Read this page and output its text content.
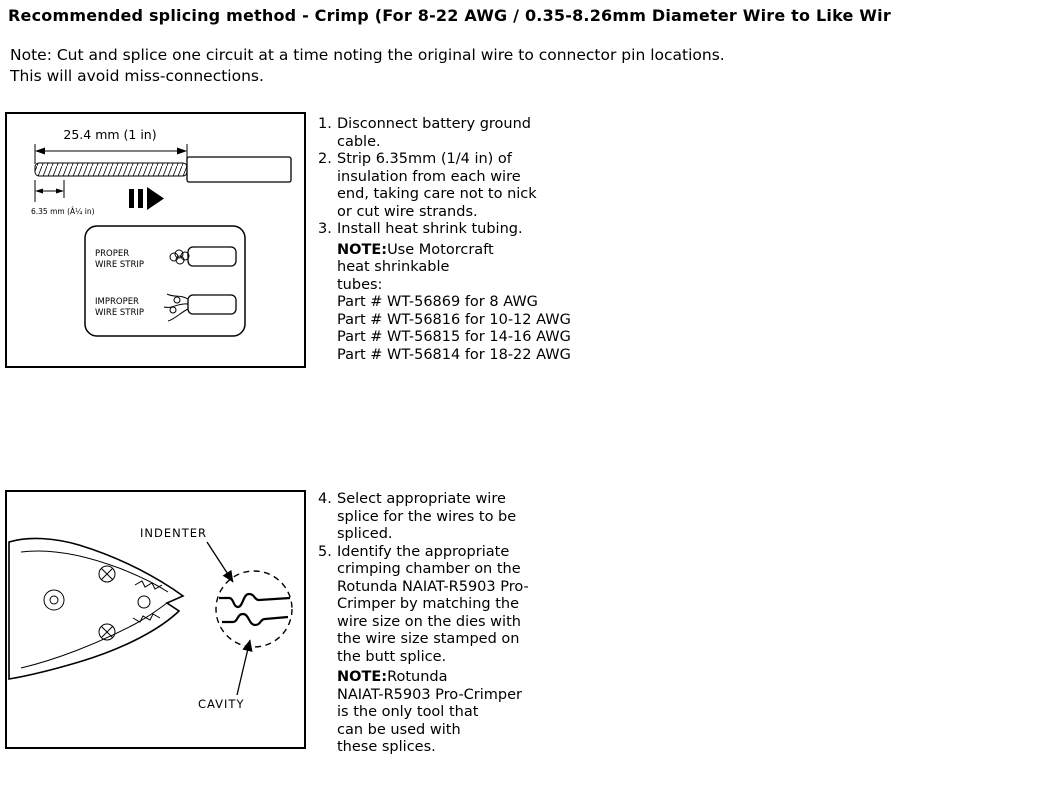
Recommended splicing method - Crimp (For 8-22 AWG / 0.35-8.26mm Diameter Wire to Like Wir
Note: Cut and splice one circuit at a time noting the original wire to connector pin locations.
This will avoid miss-connections.
25.4 mm (1 in)
6.35 mm (Â¼ in)
PROPER
WIRE STRIP
IMPROPER
WIRE STRIP
1. Disconnect battery ground cable.
2. Strip 6.35mm (1/4 in) of insulation from each wire end, taking care not to nick or cut wire strands.
3. Install heat shrink tubing.
NOTE:Use Motorcraft
heat shrinkable
tubes:
Part # WT-56869 for 8 AWG
Part # WT-56816 for 10-12 AWG
Part # WT-56815 for 14-16 AWG
Part # WT-56814 for 18-22 AWG
INDENTER
CAVITY
4. Select appropriate wire splice for the wires to be spliced.
5. Identify the appropriate crimping chamber on the Rotunda NAIAT-R5903 Pro-Crimper by matching the wire size on the dies with the wire size stamped on the butt splice.
NOTE:Rotunda
NAIAT-R5903 Pro-Crimper
is the only tool that
can be used with
these splices.
